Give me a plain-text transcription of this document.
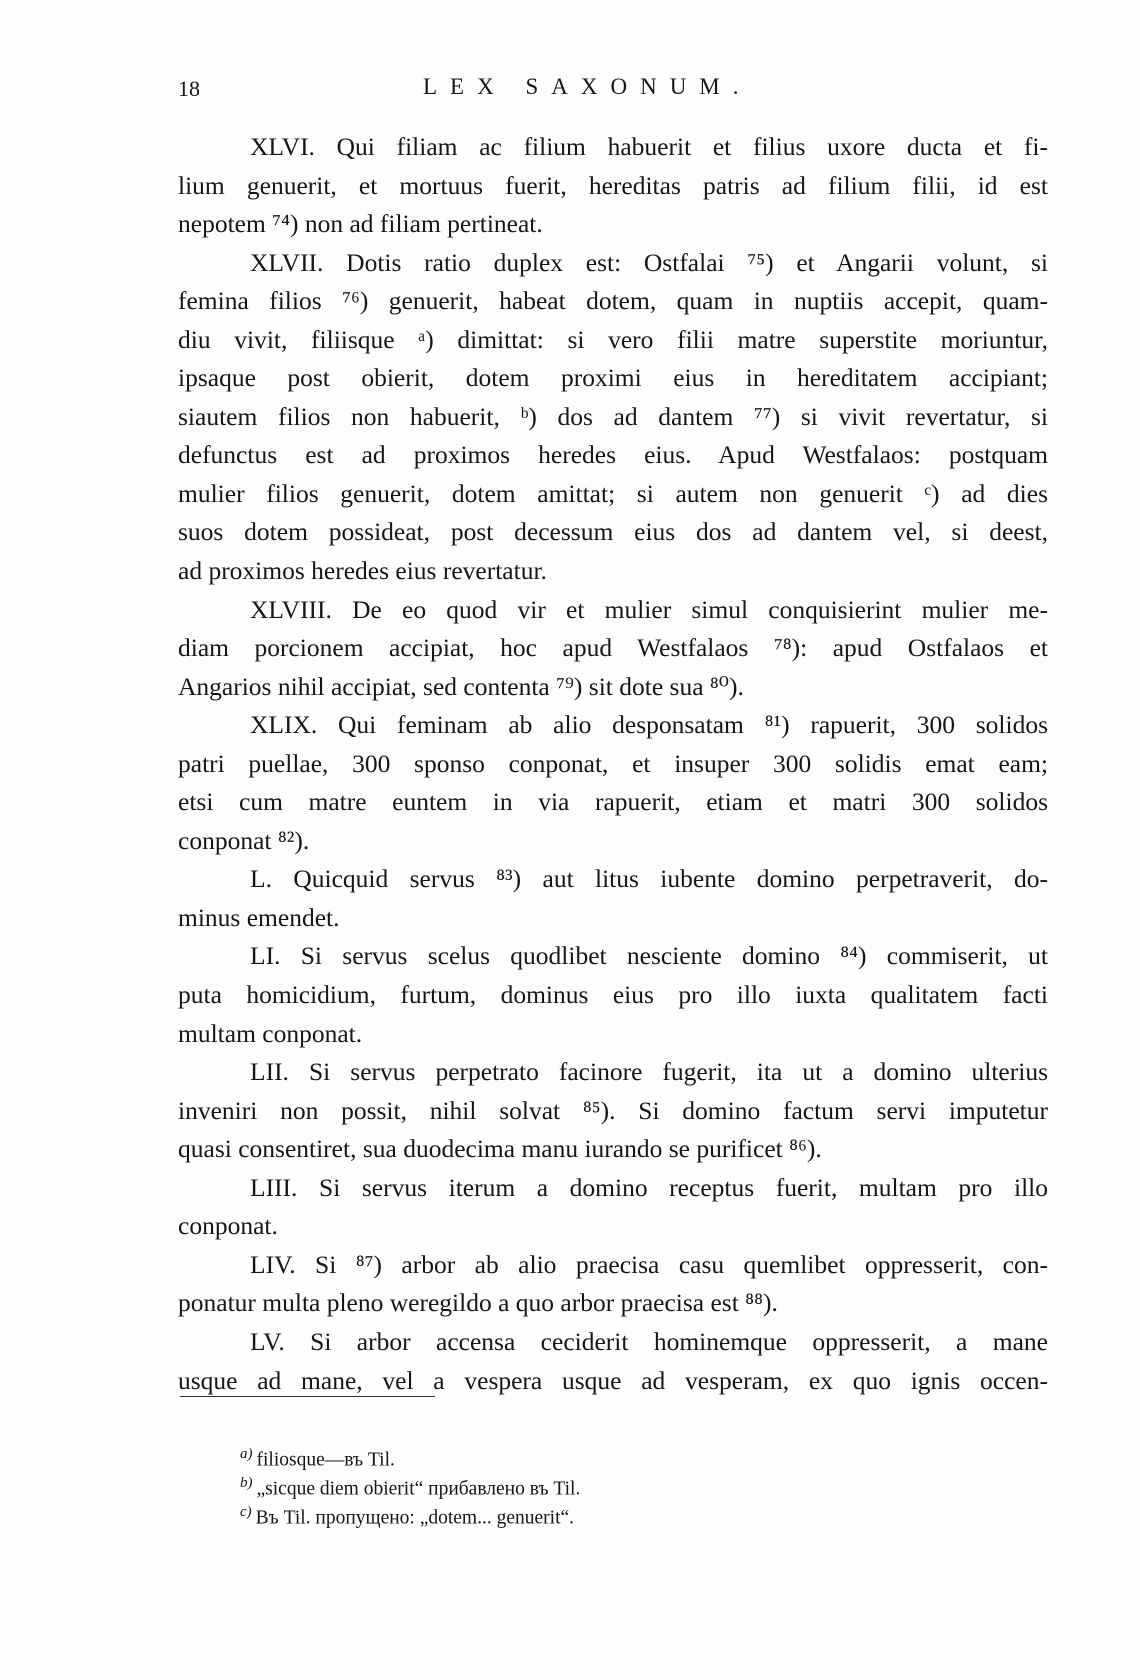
18	LEX SAXONUM.
XLVI. Qui filiam ac filium habuerit et filius uxore ducta et fi-
lium genuerit, et mortuus fuerit, hereditas patris ad filium filii, id est
nepotem ⁷⁴) non ad filiam pertineat.
XLVII. Dotis ratio duplex est: Ostfalai ⁷⁵) et Angarii volunt, si
femina filios ⁷⁶) genuerit, habeat dotem, quam in nuptiis accepit, quam-
diu vivit, filiisque ᵃ) dimittat: si vero filii matre superstite moriuntur,
ipsaque post obierit, dotem proximi eius in hereditatem accipiant;
siautem filios non habuerit, ᵇ) dos ad dantem ⁷⁷) si vivit revertatur, si
defunctus est ad proximos heredes eius. Apud Westfalaos: postquam
mulier filios genuerit, dotem amittat; si autem non genuerit ᶜ) ad dies
suos dotem possideat, post decessum eius dos ad dantem vel, si deest,
ad proximos heredes eius revertatur.
XLVIII. De eo quod vir et mulier simul conquisierint mulier me-
diam porcionem accipiat, hoc apud Westfalaos ⁷⁸): apud Ostfalaos et
Angarios nihil accipiat, sed contenta ⁷⁹) sit dote sua ⁸⁰).
XLIX. Qui feminam ab alio desponsatam ⁸¹) rapuerit, 300 solidos
patri puellae, 300 sponso conponat, et insuper 300 solidis emat eam;
etsi cum matre euntem in via rapuerit, etiam et matri 300 solidos
conponat ⁸²).
L. Quicquid servus ⁸³) aut litus iubente domino perpetraverit, do-
minus emendet.
LI. Si servus scelus quodlibet nesciente domino ⁸⁴) commiserit, ut
puta homicidium, furtum, dominus eius pro illo iuxta qualitatem facti
multam conponat.
LII. Si servus perpetrato facinore fugerit, ita ut a domino ulterius
inveniri non possit, nihil solvat ⁸⁵). Si domino factum servi imputetur
quasi consentiret, sua duodecima manu iurando se purificet ⁸⁶).
LIII. Si servus iterum a domino receptus fuerit, multam pro illo
conponat.
LIV. Si ⁸⁷) arbor ab alio praecisa casu quemlibet oppresserit, con-
ponatur multa pleno weregildo a quo arbor praecisa est ⁸⁸).
LV. Si arbor accensa ceciderit hominemque oppresserit, a mane
usque ad mane, vel a vespera usque ad vesperam, ex quo ignis occen-
$^{a)}$ filiosque—въ Til.
$^{b)}$ „sicque diem obierit“ прибавлено въ Til.
$^{c)}$ Въ Til. пропущено: „dotem... genuerit“.
